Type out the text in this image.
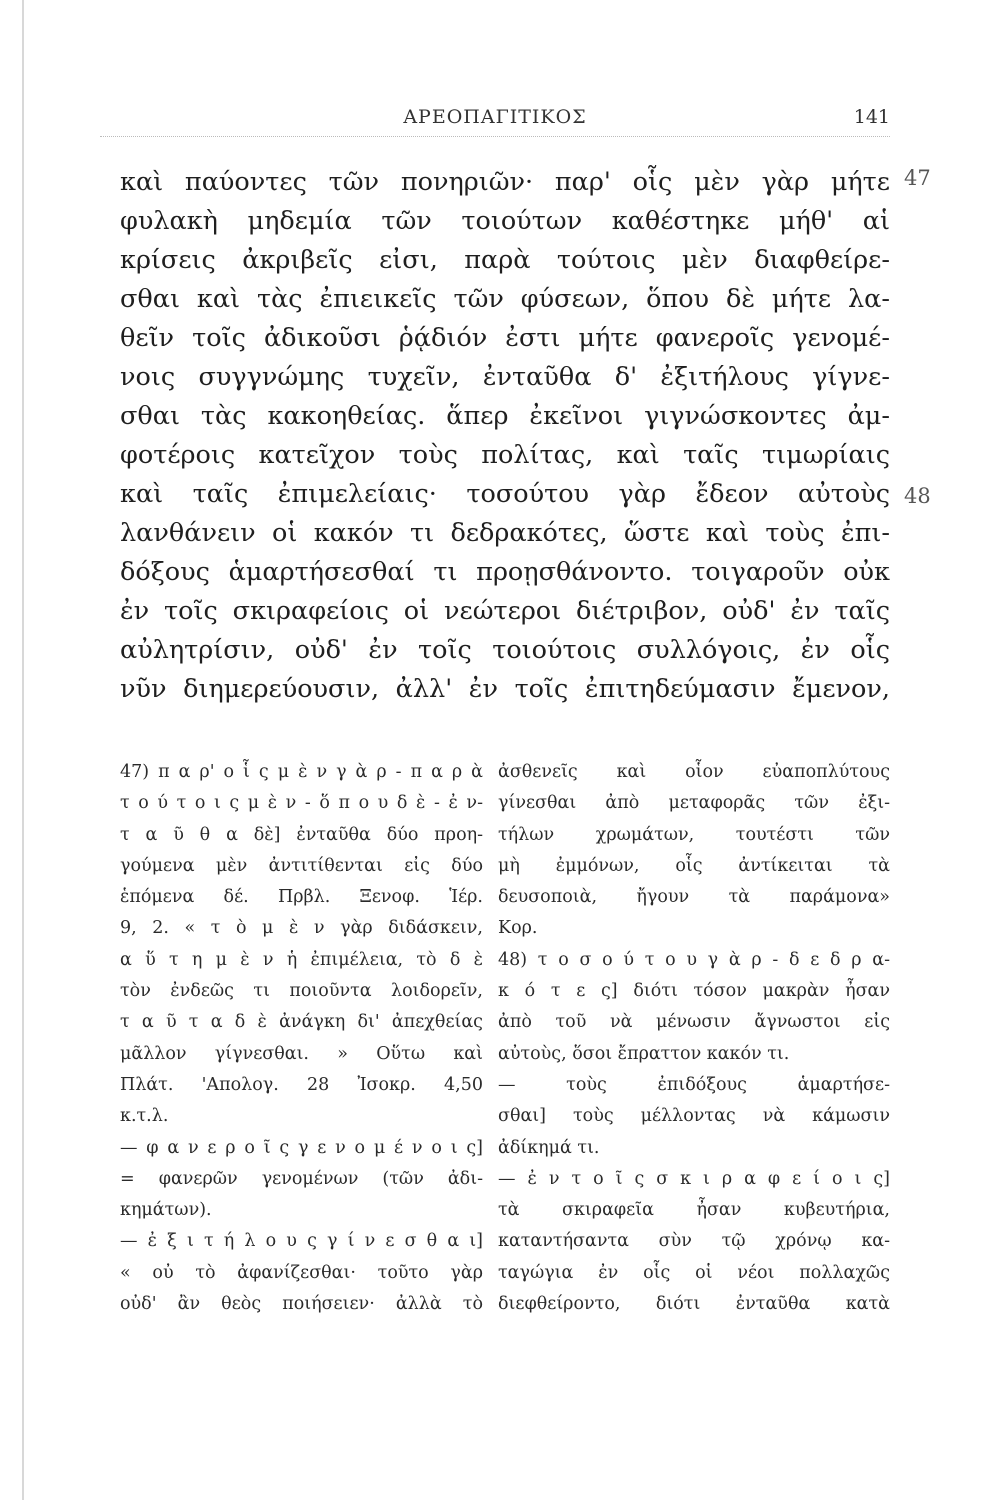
ΑΡΕΟΠΑΓΙΤΙΚΟΣ	141
47
48
καὶ παύοντες τῶν πονηριῶν· παρ' οἷς μὲν γὰρ μήτε
φυλακὴ μηδεμία τῶν τοιούτων καθέστηκε μήθ' αἱ
κρίσεις ἀκριβεῖς εἰσι, παρὰ τούτοις μὲν διαφθείρε-
σθαι καὶ τὰς ἐπιεικεῖς τῶν φύσεων, ὅπου δὲ μήτε λα-
θεῖν τοῖς ἀδικοῦσι ῥᾴδιόν ἐστι μήτε φανεροῖς γενομέ-
νοις συγγνώμης τυχεῖν, ἐνταῦθα δ' ἐξιτήλους γίγνε-
σθαι τὰς κακοηθείας. ἅπερ ἐκεῖνοι γιγνώσκοντες ἀμ-
φοτέροις κατεῖχον τοὺς πολίτας, καὶ ταῖς τιμωρίαις
καὶ ταῖς ἐπιμελείαις· τοσούτου γὰρ ἔδεον αὐτοὺς
λανθάνειν οἱ κακόν τι δεδρακότες, ὥστε καὶ τοὺς ἐπι-
δόξους ἁμαρτήσεσθαί τι προῃσθάνοντο. τοιγαροῦν οὐκ
ἐν τοῖς σκιραφείοις οἱ νεώτεροι διέτριβον, οὐδ' ἐν ταῖς
αὐλητρίσιν, οὐδ' ἐν τοῖς τοιούτοις συλλόγοις, ἐν οἷς
νῦν διημερεύουσιν, ἀλλ' ἐν τοῖς ἐπιτηδεύμασιν ἔμενον,
47) π α ρ' ο ἷ ς μ ὲ ν γ ὰ ρ - π α ρ ὰ
τ ο ύ τ ο ι ς μ ὲ ν - ὅ π ο υ δ ὲ - ἐ ν-
τ α ῦ θ α δὲ] ἐνταῦθα δύο προη-
γούμενα μὲν ἀντιτίθενται εἰς δύο
ἑπόμενα δέ. Πρβλ. Ξενοφ. Ἱέρ.
9, 2. « τ ὸ μ ὲ ν γὰρ διδάσκειν,
α ὕ τ η μ ὲ ν ἡ ἐπιμέλεια, τὸ δ ὲ
τὸν ἐνδεῶς τι ποιοῦντα λοιδορεῖν,
τ α ῦ τ α δ ὲ ἀνάγκη δι' ἀπεχθείας
μᾶλλον γίγνεσθαι. » Οὕτω καὶ
Πλάτ. 'Απολογ. 28 Ἰσοκρ. 4,50
κ.τ.λ.
— φ α ν ε ρ ο ῖ ς γ ε ν ο μ έ ν ο ι ς]
= φανερῶν γενομένων (τῶν ἀδι-
κημάτων).
— ἐ ξ ι τ ή λ ο υ ς γ ί ν ε σ θ α ι]
« οὐ τὸ ἀφανίζεσθαι· τοῦτο γὰρ
οὐδ' ἂν θεὸς ποιήσειεν· ἀλλὰ τὸ
ἀσθενεῖς καὶ οἷον εὐαποπλύτους
γίνεσθαι ἀπὸ μεταφορᾶς τῶν ἐξι-
τήλων χρωμάτων, τουτέστι τῶν
μὴ ἐμμόνων, οἷς ἀντίκειται τὰ
δευσοποιὰ, ἤγουν τὰ παράμονα»
Κορ.
48) τ ο σ ο ύ τ ο υ γ ὰ ρ - δ ε δ ρ α-
κ ό τ ε ς] διότι τόσον μακρὰν ἦσαν
ἀπὸ τοῦ νὰ μένωσιν ἄγνωστοι εἰς
αὐτοὺς, ὅσοι ἔπραττον κακόν τι.
— τοὺς ἐπιδόξους ἁμαρτήσε-
σθαι] τοὺς μέλλοντας νὰ κάμωσιν
ἀδίκημά τι.
— ἐ ν τ ο ῖ ς σ κ ι ρ α φ ε ί ο ι ς]
τὰ σκιραφεῖα ἦσαν κυβευτήρια,
καταντήσαντα σὺν τῷ χρόνῳ κα-
ταγώγια ἐν οἷς οἱ νέοι πολλαχῶς
διεφθείροντο, διότι ἐνταῦθα κατὰ
